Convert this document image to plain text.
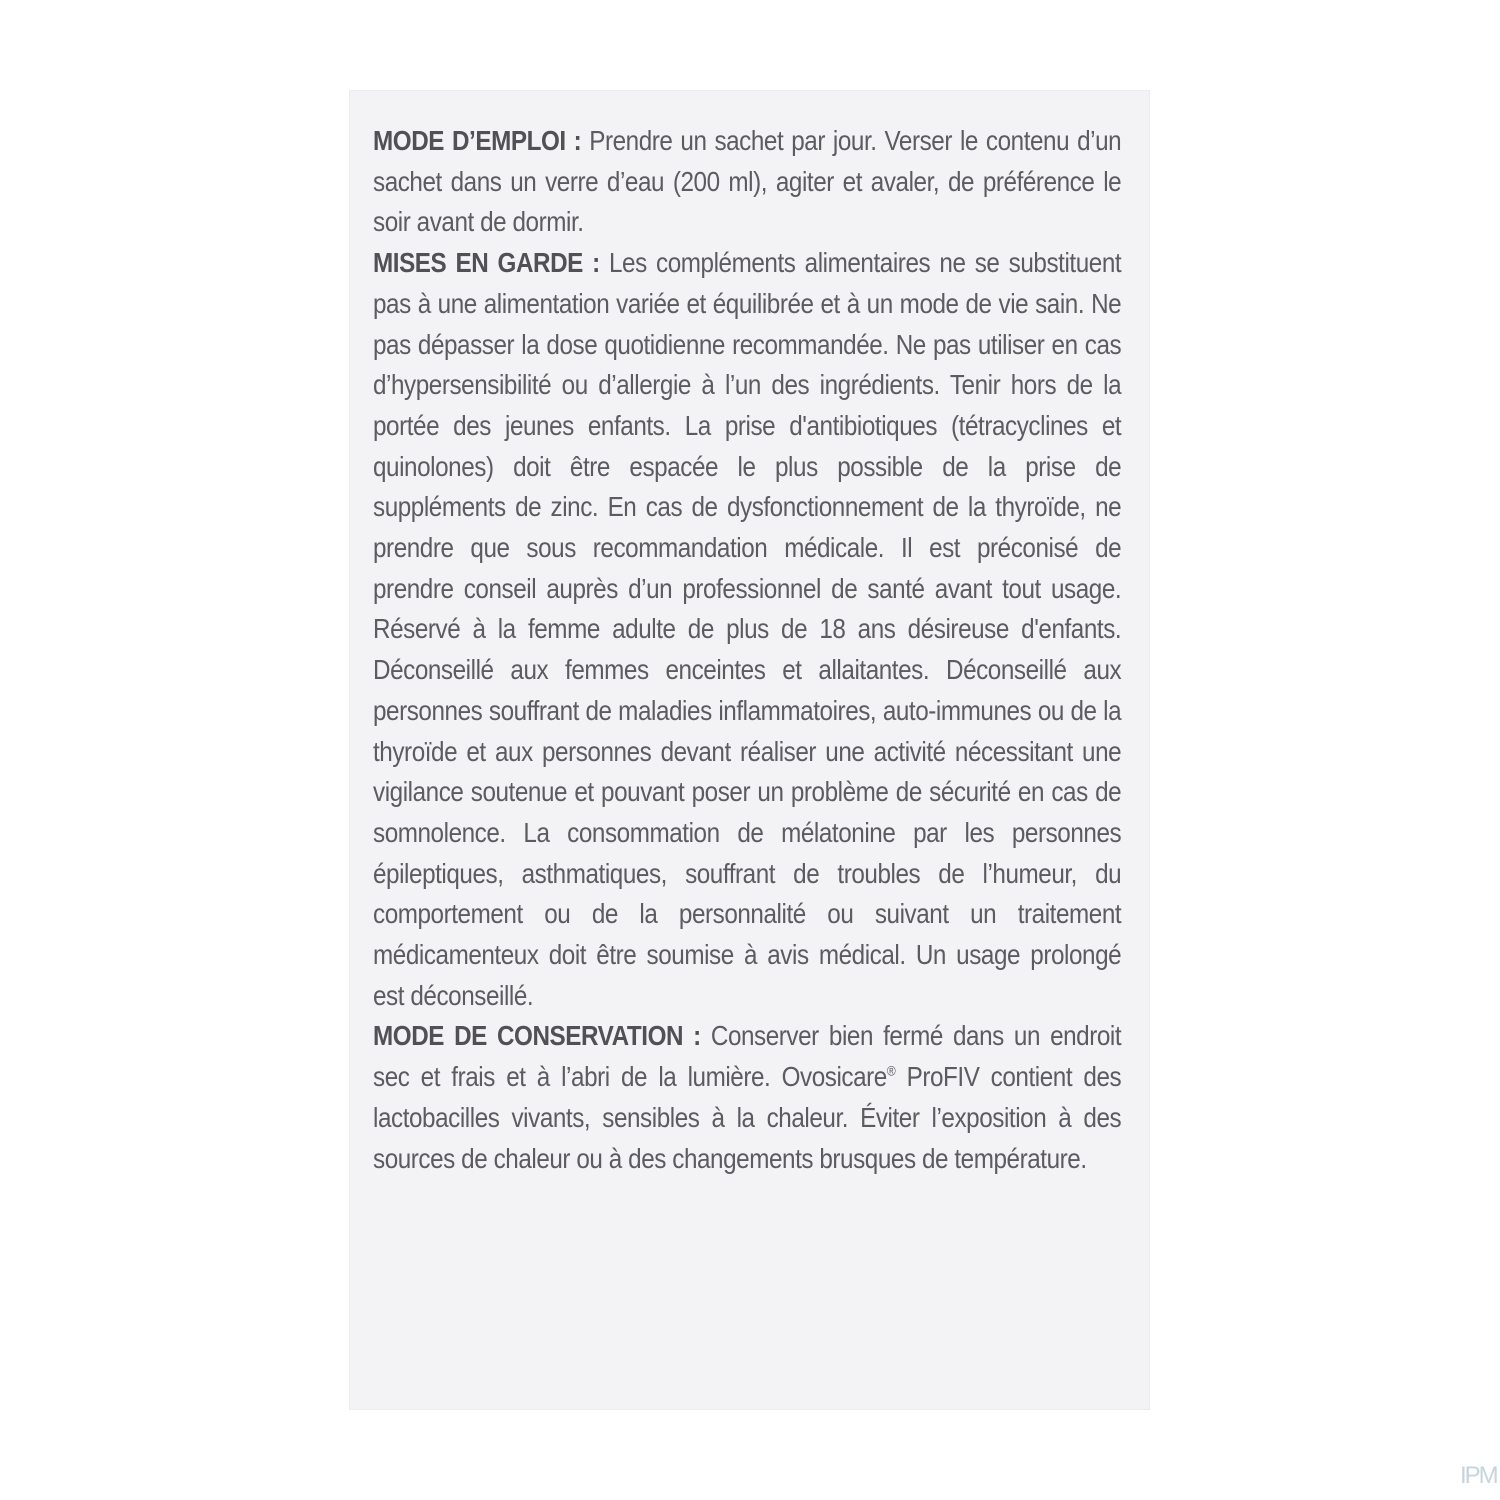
MODE D’EMPLOI : Prendre un sachet par jour. Verser le contenu d’un sachet dans un verre d’eau (200 ml), agiter et avaler, de préférence le soir avant de dormir.

MISES EN GARDE : Les compléments alimentaires ne se substituent pas à une alimentation variée et équilibrée et à un mode de vie sain. Ne pas dépasser la dose quotidienne recommandée. Ne pas utiliser en cas d’hypersensibilité ou d’allergie à l’un des ingrédients. Tenir hors de la portée des jeunes enfants. La prise d'antibiotiques (tétracyclines et quinolones) doit être espacée le plus possible de la prise de suppléments de zinc. En cas de dysfonctionnement de la thyroïde, ne prendre que sous recommandation médicale. Il est préconisé de prendre conseil auprès d’un professionnel de santé avant tout usage. Réservé à la femme adulte de plus de 18 ans désireuse d'enfants. Déconseillé aux femmes enceintes et allaitantes. Déconseillé aux personnes souffrant de maladies inflammatoires, auto-immunes ou de la thyroïde et aux personnes devant réaliser une activité nécessitant une vigilance soutenue et pouvant poser un problème de sécurité en cas de somnolence. La consommation de mélatonine par les personnes épileptiques, asthmatiques, souffrant de troubles de l’humeur, du comportement ou de la personnalité ou suivant un traitement médicamenteux doit être soumise à avis médical. Un usage prolongé est déconseillé.

MODE DE CONSERVATION : Conserver bien fermé dans un endroit sec et frais et à l’abri de la lumière. Ovosicare® ProFIV contient des lactobacilles vivants, sensibles à la chaleur. Éviter l’exposition à des sources de chaleur ou à des changements brusques de température.

IPM
